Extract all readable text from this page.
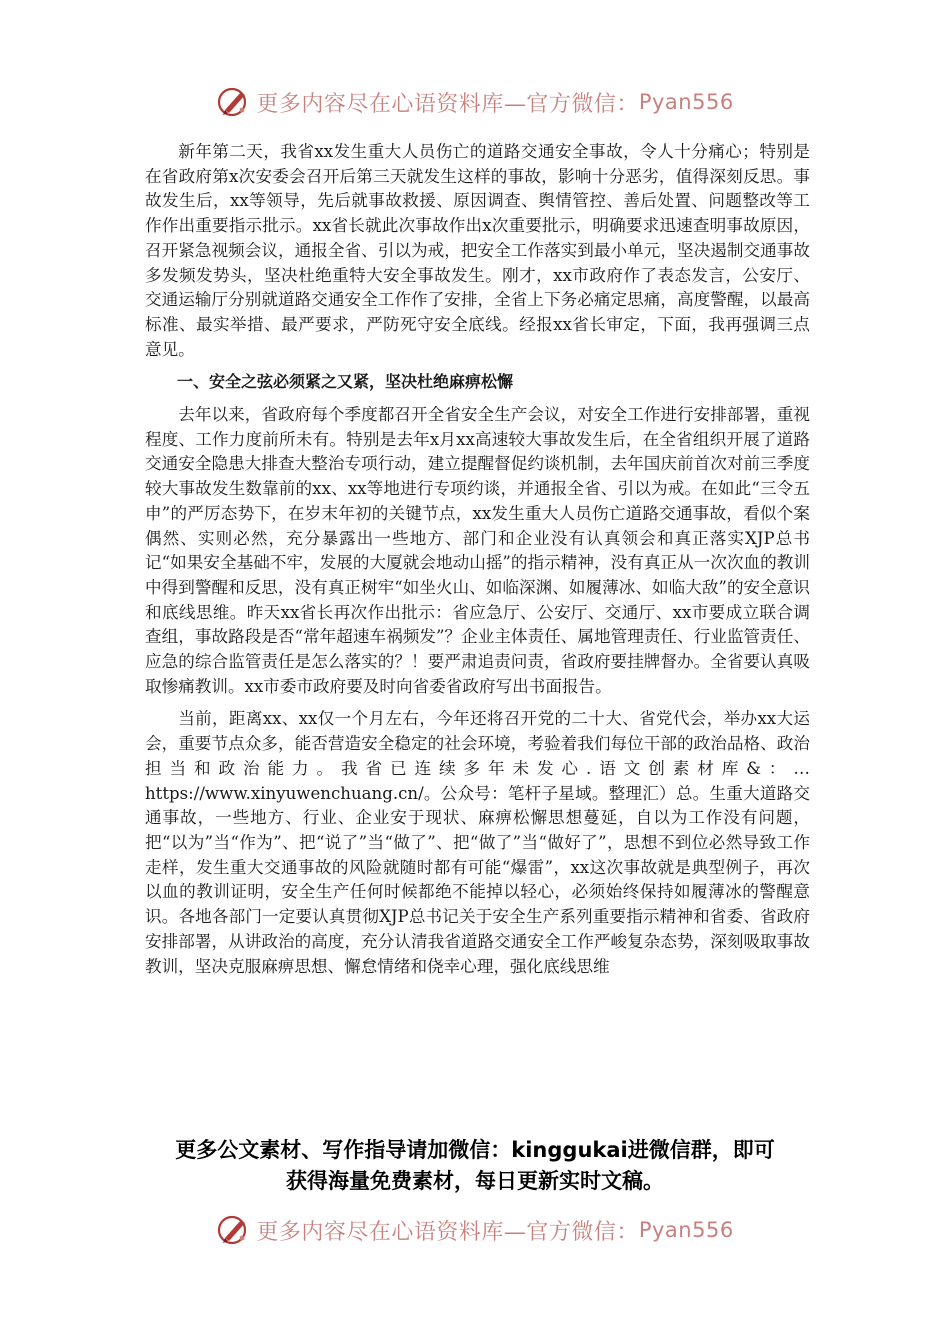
更多内容尽在心语资料库—官方微信： Pyan556

新年第二天，我省xx发生重大人员伤亡的道路交通安全事故，令人十分痛心；特别是在省政府第x次安委会召开后第三天就发生这样的事故，影响十分恶劣，值得深刻反思。事故发生后，xx等领导，先后就事故救援、原因调查、舆情管控、善后处置、问题整改等工作作出重要指示批示。xx省长就此次事故作出x次重要批示，明确要求迅速查明事故原因，召开紧急视频会议，通报全省、引以为戒，把安全工作落实到最小单元，坚决遏制交通事故多发频发势头，坚决杜绝重特大安全事故发生。刚才，xx市政府作了表态发言，公安厅、交通运输厅分别就道路交通安全工作作了安排，全省上下务必痛定思痛，高度警醒，以最高标准、最实举措、最严要求，严防死守安全底线。经报xx省长审定，下面，我再强调三点意见。

一、安全之弦必须紧之又紧，坚决杜绝麻痹松懈

去年以来，省政府每个季度都召开全省安全生产会议，对安全工作进行安排部署，重视程度、工作力度前所未有。特别是去年x月xx高速较大事故发生后，在全省组织开展了道路交通安全隐患大排查大整治专项行动，建立提醒督促约谈机制，去年国庆前首次对前三季度较大事故发生数靠前的xx、xx等地进行专项约谈，并通报全省、引以为戒。在如此“三令五申”的严厉态势下，在岁末年初的关键节点，xx发生重大人员伤亡道路交通事故，看似个案偶然、实则必然，充分暴露出一些地方、部门和企业没有认真领会和真正落实XJP总书记“如果安全基础不牢，发展的大厦就会地动山摇”的指示精神，没有真正从一次次血的教训中得到警醒和反思，没有真正树牢“如坐火山、如临深渊、如履薄冰、如临大敌”的安全意识和底线思维。昨天xx省长再次作出批示：省应急厅、公安厅、交通厅、xx市要成立联合调查组，事故路段是否“常年超速车祸频发”？企业主体责任、属地管理责任、行业监管责任、应急的综合监管责任是怎么落实的？！要严肃追责问责，省政府要挂牌督办。全省要认真吸取惨痛教训。xx市委市政府要及时向省委省政府写出书面报告。

当前，距离xx、xx仅一个月左右，今年还将召开党的二十大、省党代会，举办xx大运会，重要节点众多，能否营造安全稳定的社会环境，考验着我们每位干部的政治品格、政治担当和政治能力。我省已连续多年未发心.语文创素材库&：…https://www.xinyuwenchuang.cn/。公众号：笔杆子星域。整理汇）总。生重大道路交通事故，一些地方、行业、企业安于现状、麻痹松懈思想蔓延，自以为工作没有问题，把“以为”当“作为”、把“说了”当“做了”、把“做了”当“做好了”，思想不到位必然导致工作走样，发生重大交通事故的风险就随时都有可能“爆雷”，xx这次事故就是典型例子，再次以血的教训证明，安全生产任何时候都绝不能掉以轻心，必须始终保持如履薄冰的警醒意识。各地各部门一定要认真贯彻XJP总书记关于安全生产系列重要指示精神和省委、省政府安排部署，从讲政治的高度，充分认清我省道路交通安全工作严峻复杂态势，深刻吸取事故教训，坚决克服麻痹思想、懈怠情绪和侥幸心理，强化底线思维

更多公文素材、写作指导请加微信：kinggukai进微信群，即可
获得海量免费素材，每日更新实时文稿。
更多内容尽在心语资料库—官方微信： Pyan556
